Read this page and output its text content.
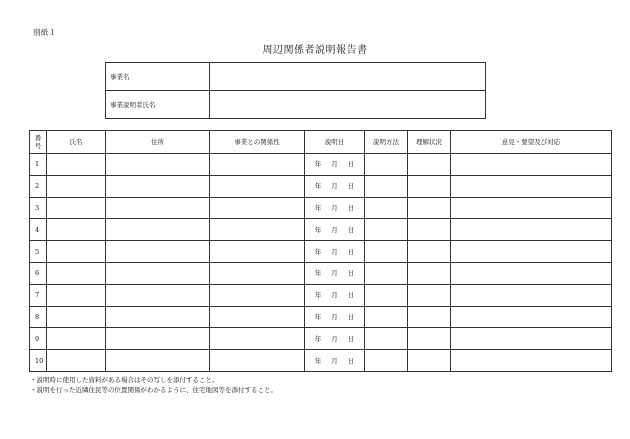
別紙１
周辺関係者説明報告書
事業名	
事業説明者氏名	
番
号	氏名	住所	事業との関係性	説明日	説明方法	理解状況	意見・要望及び対応
1				年 月 日			
2				年 月 日			
3				年 月 日			
4				年 月 日			
5				年 月 日			
6				年 月 日			
7				年 月 日			
8				年 月 日			
9				年 月 日			
10				年 月 日			
・説明時に使用した資料がある場合はその写しを添付すること。
・説明を行った近隣住民等の位置関係がわかるように、住宅地図等を添付すること。
